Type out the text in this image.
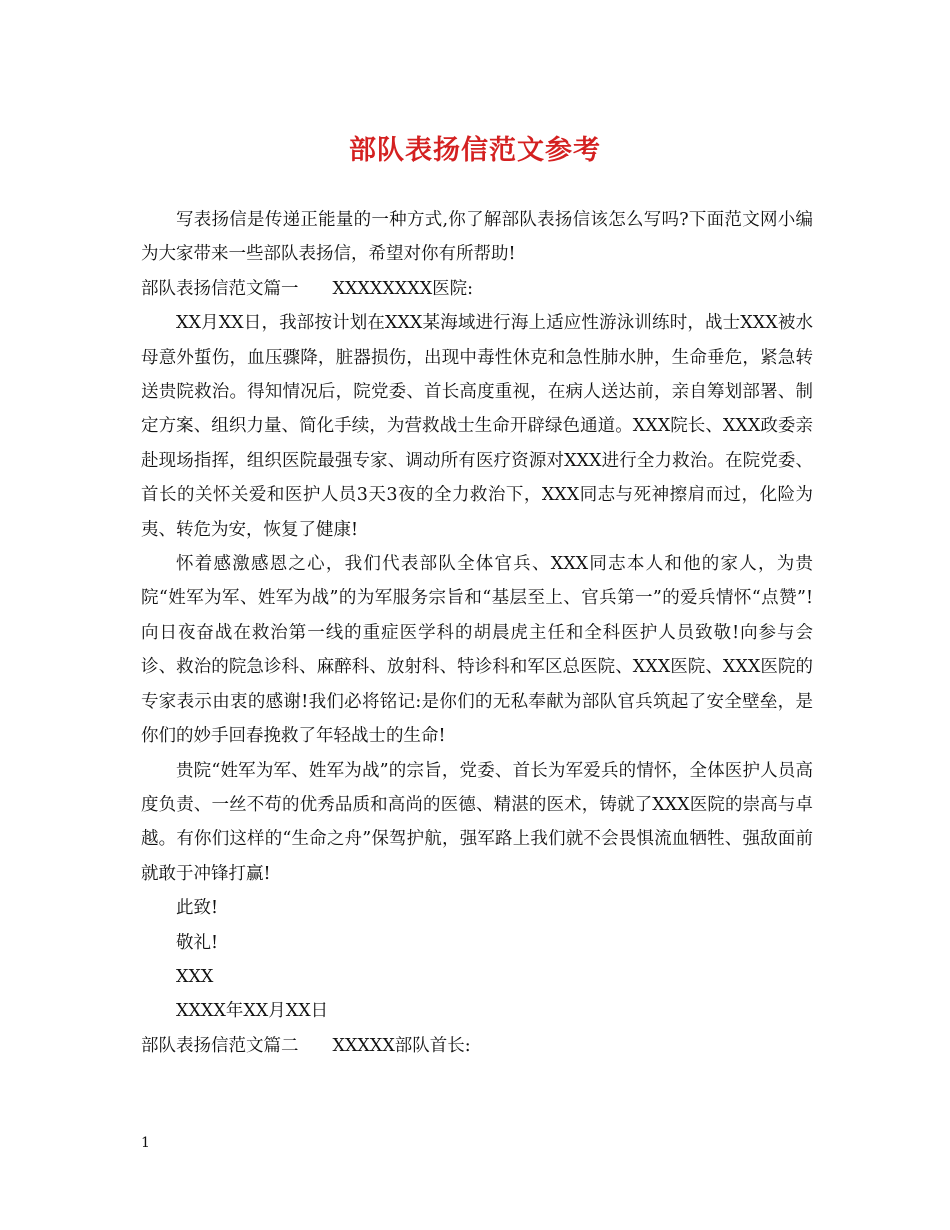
部队表扬信范文参考

写表扬信是传递正能量的一种方式,你了解部队表扬信该怎么写吗?下面范文网小编为大家带来一些部队表扬信，希望对你有所帮助!

部队表扬信范文篇一 XXXXXXXX医院:

XX月XX日，我部按计划在XXX某海域进行海上适应性游泳训练时，战士XXX被水母意外蜇伤，血压骤降，脏器损伤，出现中毒性休克和急性肺水肿，生命垂危，紧急转送贵院救治。得知情况后，院党委、首长高度重视，在病人送达前，亲自筹划部署、制定方案、组织力量、简化手续，为营救战士生命开辟绿色通道。XXX院长、XXX政委亲赴现场指挥，组织医院最强专家、调动所有医疗资源对XXX进行全力救治。在院党委、首长的关怀关爱和医护人员3天3夜的全力救治下，XXX同志与死神擦肩而过，化险为夷、转危为安，恢复了健康!

怀着感激感恩之心，我们代表部队全体官兵、XXX同志本人和他的家人，为贵院“姓军为军、姓军为战”的为军服务宗旨和“基层至上、官兵第一”的爱兵情怀“点赞”!向日夜奋战在救治第一线的重症医学科的胡晨虎主任和全科医护人员致敬!向参与会诊、救治的院急诊科、麻醉科、放射科、特诊科和军区总医院、XXX医院、XXX医院的专家表示由衷的感谢!我们必将铭记:是你们的无私奉献为部队官兵筑起了安全壁垒，是你们的妙手回春挽救了年轻战士的生命!

贵院“姓军为军、姓军为战”的宗旨，党委、首长为军爱兵的情怀，全体医护人员高度负责、一丝不苟的优秀品质和高尚的医德、精湛的医术，铸就了XXX医院的崇高与卓越。有你们这样的“生命之舟”保驾护航，强军路上我们就不会畏惧流血牺牲、强敌面前就敢于冲锋打赢!

此致!

敬礼!

XXX

XXXX年XX月XX日

部队表扬信范文篇二 XXXXX部队首长:

1
